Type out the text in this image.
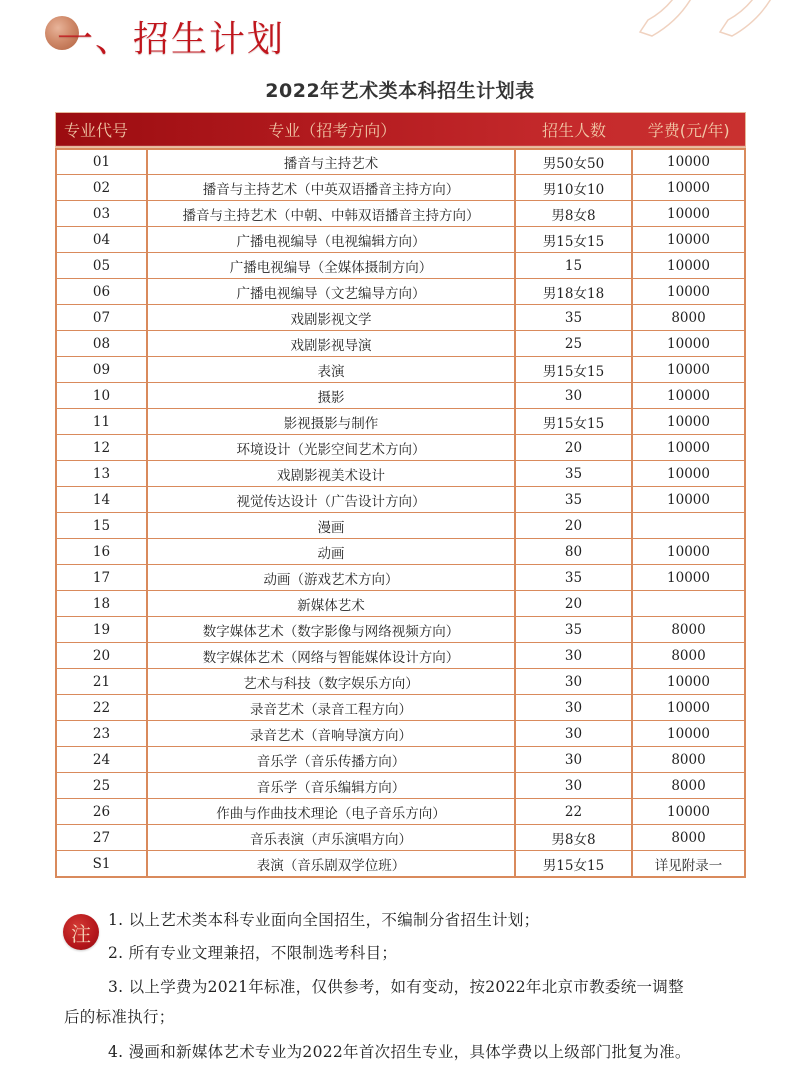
一、招生计划
2022年艺术类本科招生计划表
专业代号	专业（招考方向）	招生人数	学费(元/年)
01	播音与主持艺术	男50女50	10000
02	播音与主持艺术（中英双语播音主持方向）	男10女10	10000
03	播音与主持艺术（中朝、中韩双语播音主持方向）	男8女8	10000
04	广播电视编导（电视编辑方向）	男15女15	10000
05	广播电视编导（全媒体摄制方向）	15	10000
06	广播电视编导（文艺编导方向）	男18女18	10000
07	戏剧影视文学	35	8000
08	戏剧影视导演	25	10000
09	表演	男15女15	10000
10	摄影	30	10000
11	影视摄影与制作	男15女15	10000
12	环境设计（光影空间艺术方向）	20	10000
13	戏剧影视美术设计	35	10000
14	视觉传达设计（广告设计方向）	35	10000
15	漫画	20
16	动画	80	10000
17	动画（游戏艺术方向）	35	10000
18	新媒体艺术	20
19	数字媒体艺术（数字影像与网络视频方向）	35	8000
20	数字媒体艺术（网络与智能媒体设计方向）	30	8000
21	艺术与科技（数字娱乐方向）	30	10000
22	录音艺术（录音工程方向）	30	10000
23	录音艺术（音响导演方向）	30	10000
24	音乐学（音乐传播方向）	30	8000
25	音乐学（音乐编辑方向）	30	8000
26	作曲与作曲技术理论（电子音乐方向）	22	10000
27	音乐表演（声乐演唱方向）	男8女8	8000
S1	表演（音乐剧双学位班）	男15女15	详见附录一
注
1. 以上艺术类本科专业面向全国招生，不编制分省招生计划；
2. 所有专业文理兼招，不限制选考科目；
3. 以上学费为2021年标准，仅供参考，如有变动，按2022年北京市教委统一调整
后的标准执行；
4. 漫画和新媒体艺术专业为2022年首次招生专业，具体学费以上级部门批复为准。
